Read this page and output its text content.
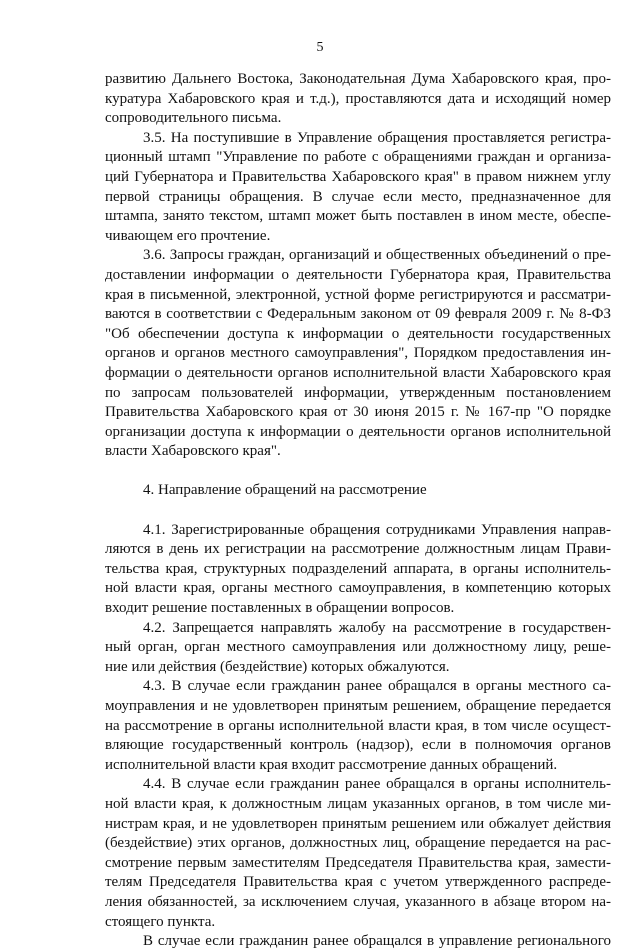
5
развитию Дальнего Востока, Законодательная Дума Хабаровского края, про-
куратура Хабаровского края и т.д.), проставляются дата и исходящий номер
сопроводительного письма.
3.5. На поступившие в Управление обращения проставляется регистра-
ционный штамп "Управление по работе с обращениями граждан и организа-
ций Губернатора и Правительства Хабаровского края" в правом нижнем углу
первой страницы обращения. В случае если место, предназначенное для
штампа, занято текстом, штамп может быть поставлен в ином месте, обеспе-
чивающем его прочтение.
3.6. Запросы граждан, организаций и общественных объединений о пре-
доставлении информации о деятельности Губернатора края, Правительства
края в письменной, электронной, устной форме регистрируются и рассматри-
ваются в соответствии с Федеральным законом от 09 февраля 2009 г. № 8-ФЗ
"Об обеспечении доступа к информации о деятельности государственных
органов и органов местного самоуправления", Порядком предоставления ин-
формации о деятельности органов исполнительной власти Хабаровского края
по запросам пользователей информации, утвержденным постановлением
Правительства Хабаровского края от 30 июня 2015 г. № 167-пр "О порядке
организации доступа к информации о деятельности органов исполнительной
власти Хабаровского края".
4. Направление обращений на рассмотрение
4.1. Зарегистрированные обращения сотрудниками Управления направ-
ляются в день их регистрации на рассмотрение должностным лицам Прави-
тельства края, структурных подразделений аппарата, в органы исполнитель-
ной власти края, органы местного самоуправления, в компетенцию которых
входит решение поставленных в обращении вопросов.
4.2. Запрещается направлять жалобу на рассмотрение в государствен-
ный орган, орган местного самоуправления или должностному лицу, реше-
ние или действия (бездействие) которых обжалуются.
4.3. В случае если гражданин ранее обращался в органы местного са-
моуправления и не удовлетворен принятым решением, обращение передается
на рассмотрение в органы исполнительной власти края, в том числе осущест-
вляющие государственный контроль (надзор), если в полномочия органов
исполнительной власти края входит рассмотрение данных обращений.
4.4. В случае если гражданин ранее обращался в органы исполнитель-
ной власти края, к должностным лицам указанных органов, в том числе ми-
нистрам края, и не удовлетворен принятым решением или обжалует действия
(бездействие) этих органов, должностных лиц, обращение передается на рас-
смотрение первым заместителям Председателя Правительства края, замести-
телям Председателя Правительства края с учетом утвержденного распреде-
ления обязанностей, за исключением случая, указанного в абзаце втором на-
стоящего пункта.
В случае если гражданин ранее обращался в управление регионального
